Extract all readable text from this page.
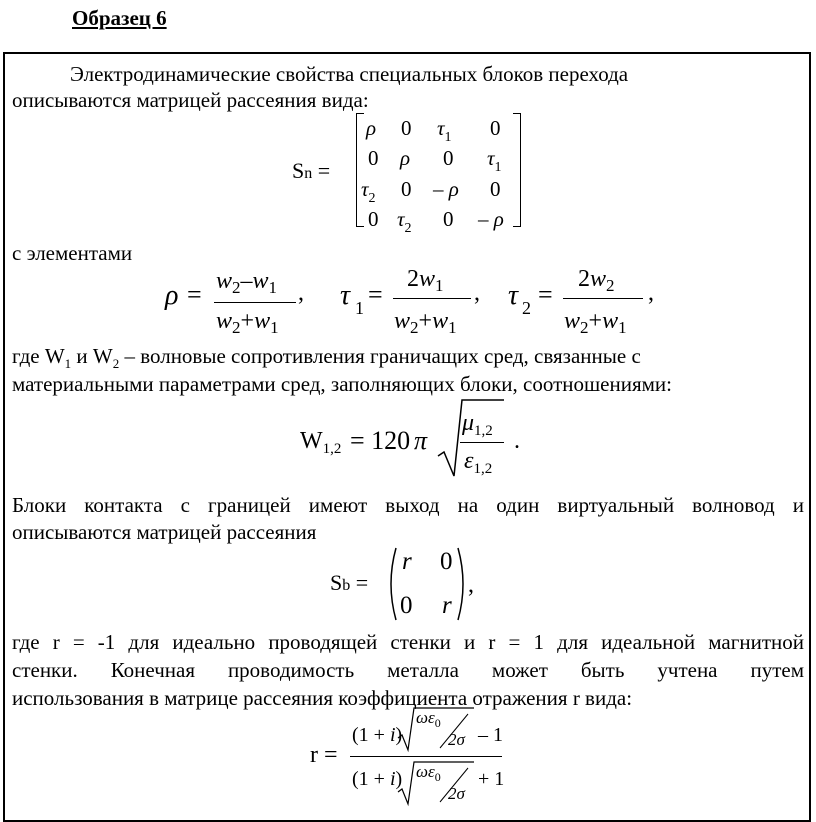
Образец 6
Электродинамические свойства специальных блоков перехода
описываются матрицей рассеяния вида:
Sn =
ρ 0 $\tau_1$ 0
0 ρ 0 $\tau_1$
$\tau_2$ 0 – ρ 0
0 $\tau_2$ 0 – ρ
с элементами
$\rho = w_2-w_1$
$w_2+w_1$
, τ 1 =
$2w_1$
$w_2+w_1$
, τ 2 =
$2w_2$
$w_2+w_1$
,
где $W_1$ и $W_2$ – волновые сопротивления граничащих сред, связанные с
материальными параметрами сред, заполняющих блоки, соотношениями:
$W_{1,2} = 120$ π
$\mu_{1,2}$
$\varepsilon_{1,2}$
.
Блоки контакта с границей имеют выход на один виртуальный волновод и
описываются матрицей рассеяния
Sb =
r 0
0 r
,
где r = -1 для идеально проводящей стенки и r = 1 для идеальной магнитной
стенки. Конечная проводимость металла может быть учтена путем
использования в матрице рассеяния коэффициента отражения r вида:
r =
(1 + i)
$\omega\varepsilon_0$
2σ – 1
(1 + i) $\omega\varepsilon_0$
2σ
+ 1
